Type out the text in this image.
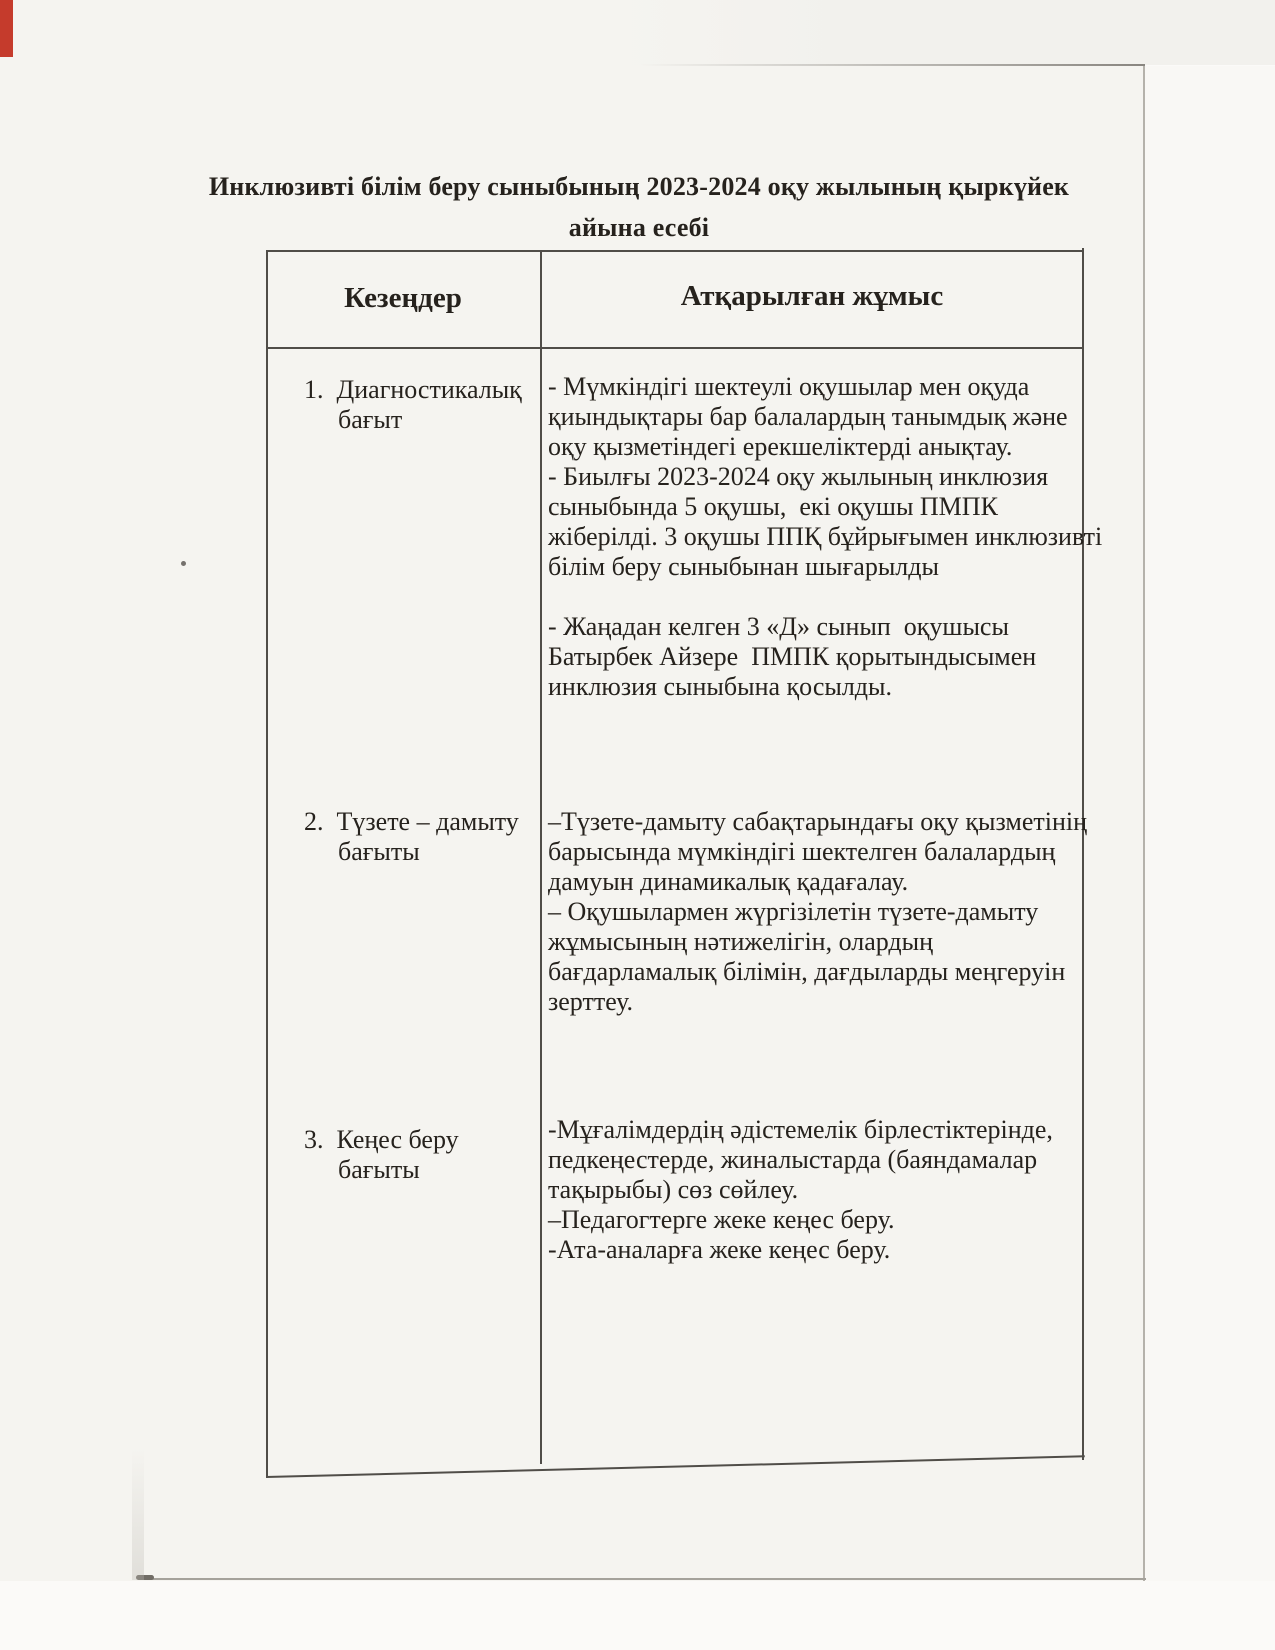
Инклюзивті білім беру сыныбының 2023-2024 оқу жылының қыркүйек
айына есебі
Кезеңдер	Атқарылған жұмыс
1.  Диагностикалық
бағыт
- Мүмкіндігі шектеулі оқушылар мен оқуда
қиындықтары бар балалардың танымдық және
оқу қызметіндегі ерекшеліктерді анықтау.
- Биылғы 2023-2024 оқу жылының инклюзия
сыныбында 5 оқушы,  екі оқушы ПМПК
жіберілді. 3 оқушы ППҚ бұйрығымен инклюзивті
білім беру сыныбынан шығарылды

- Жаңадан келген 3 «Д» сынып  оқушысы
Батырбек Айзере  ПМПК қорытындысымен
инклюзия сыныбына қосылды.
2.  Түзете – дамыту
бағыты
–Түзете-дамыту сабақтарындағы оқу қызметінің
барысында мүмкіндігі шектелген балалардың
дамуын динамикалық қадағалау.
– Оқушылармен жүргізілетін түзете-дамыту
жұмысының нәтижелігін, олардың
бағдарламалық білімін, дағдыларды меңгеруін
зерттеу.
3.  Кеңес беру
бағыты
-Мұғалімдердің әдістемелік бірлестіктерінде,
педкеңестерде, жиналыстарда (баяндамалар
тақырыбы) сөз сөйлеу.
–Педагогтерге жеке кеңес беру.
-Ата-аналарға жеке кеңес беру.
